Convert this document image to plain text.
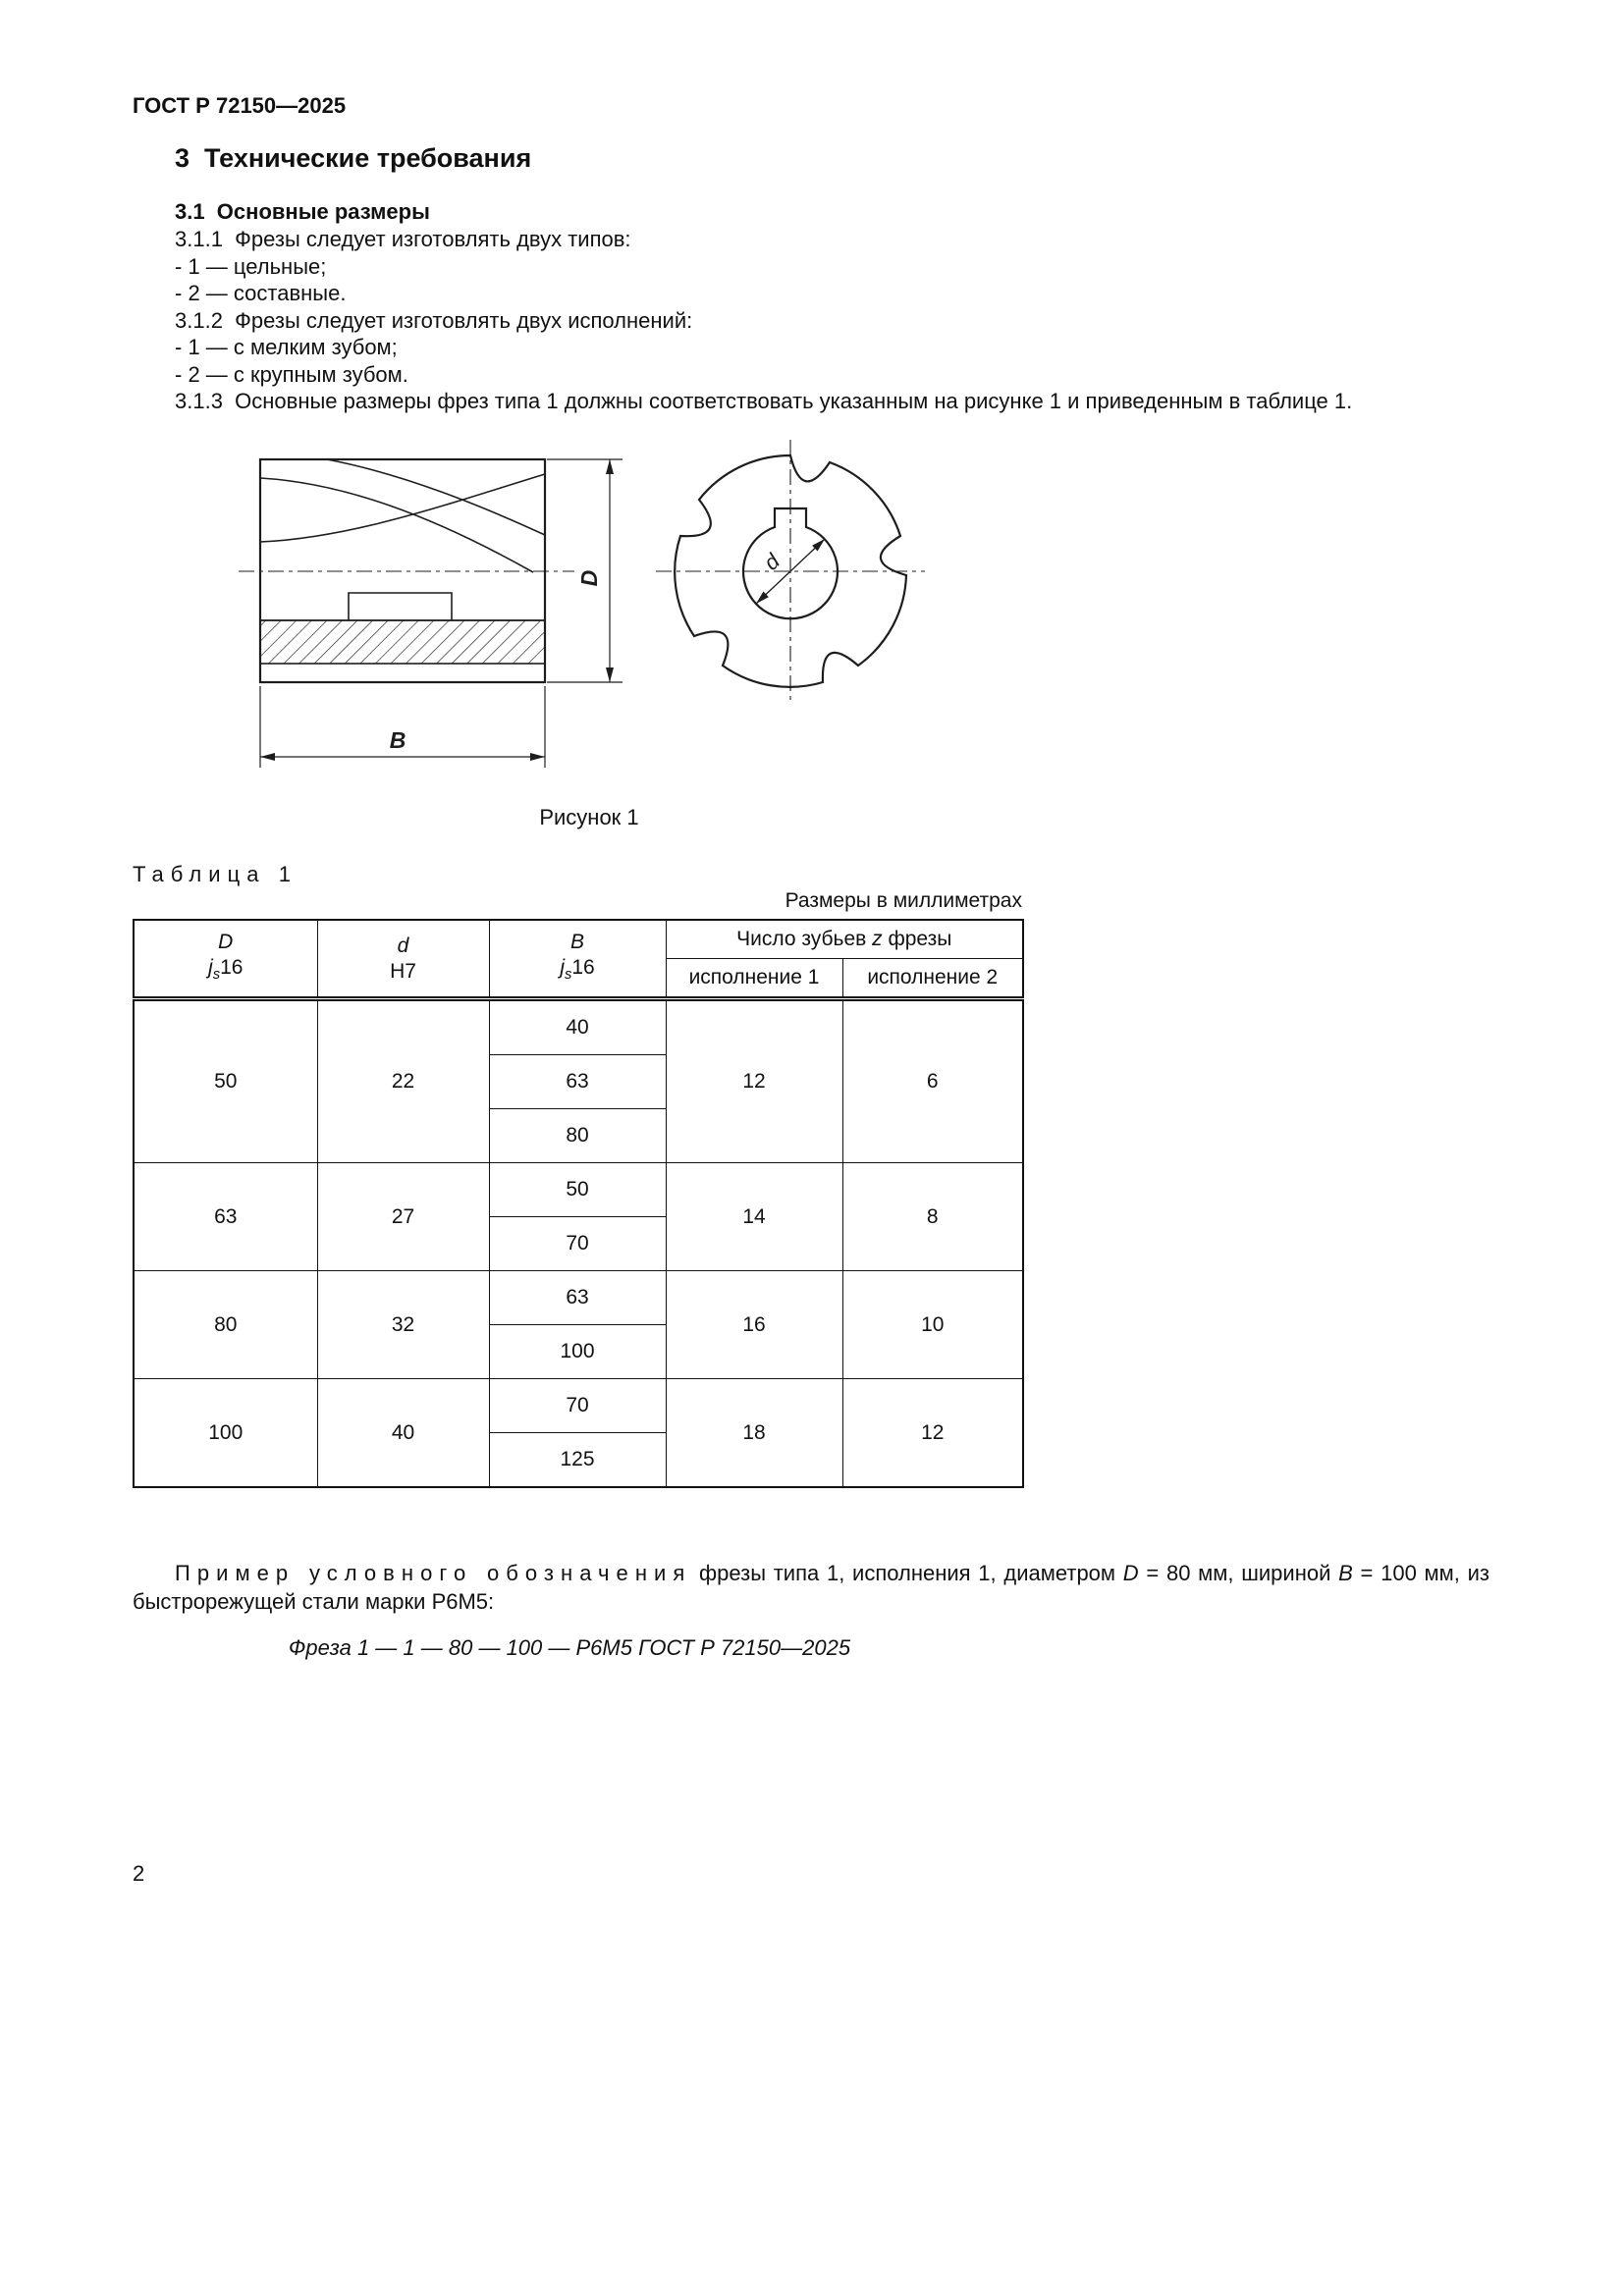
ГОСТ Р 72150—2025
3  Технические требования
3.1  Основные размеры

3.1.1  Фрезы следует изготовлять двух типов:

- 1 — цельные;

- 2 — составные.

3.1.2  Фрезы следует изготовлять двух исполнений:

- 1 — с мелким зубом;

- 2 — с крупным зубом.

3.1.3  Основные размеры фрез типа 1 должны соответствовать указанным на рисунке 1 и приведенным в таблице 1.

D
B
d
Рисунок 1
Таблица 1
Размеры в миллиметрах
D
$j_s16$

d
H7

B
$j_s16$
	Число зубьев z фрезы
			исполнение 1	исполнение 2
50	22	40	12	6
		63		
		80		
63	27	50	14	8
		70		
80	32	63	16	10
		100		
100	40	70	18	12
		125		

Пример условного обозначения фрезы типа 1, исполнения 1, диаметром D = 80 мм, шириной B = 100 мм, из быстрорежущей стали марки Р6М5:

Фреза 1 — 1 — 80 — 100 — Р6М5 ГОСТ Р 72150—2025
2
